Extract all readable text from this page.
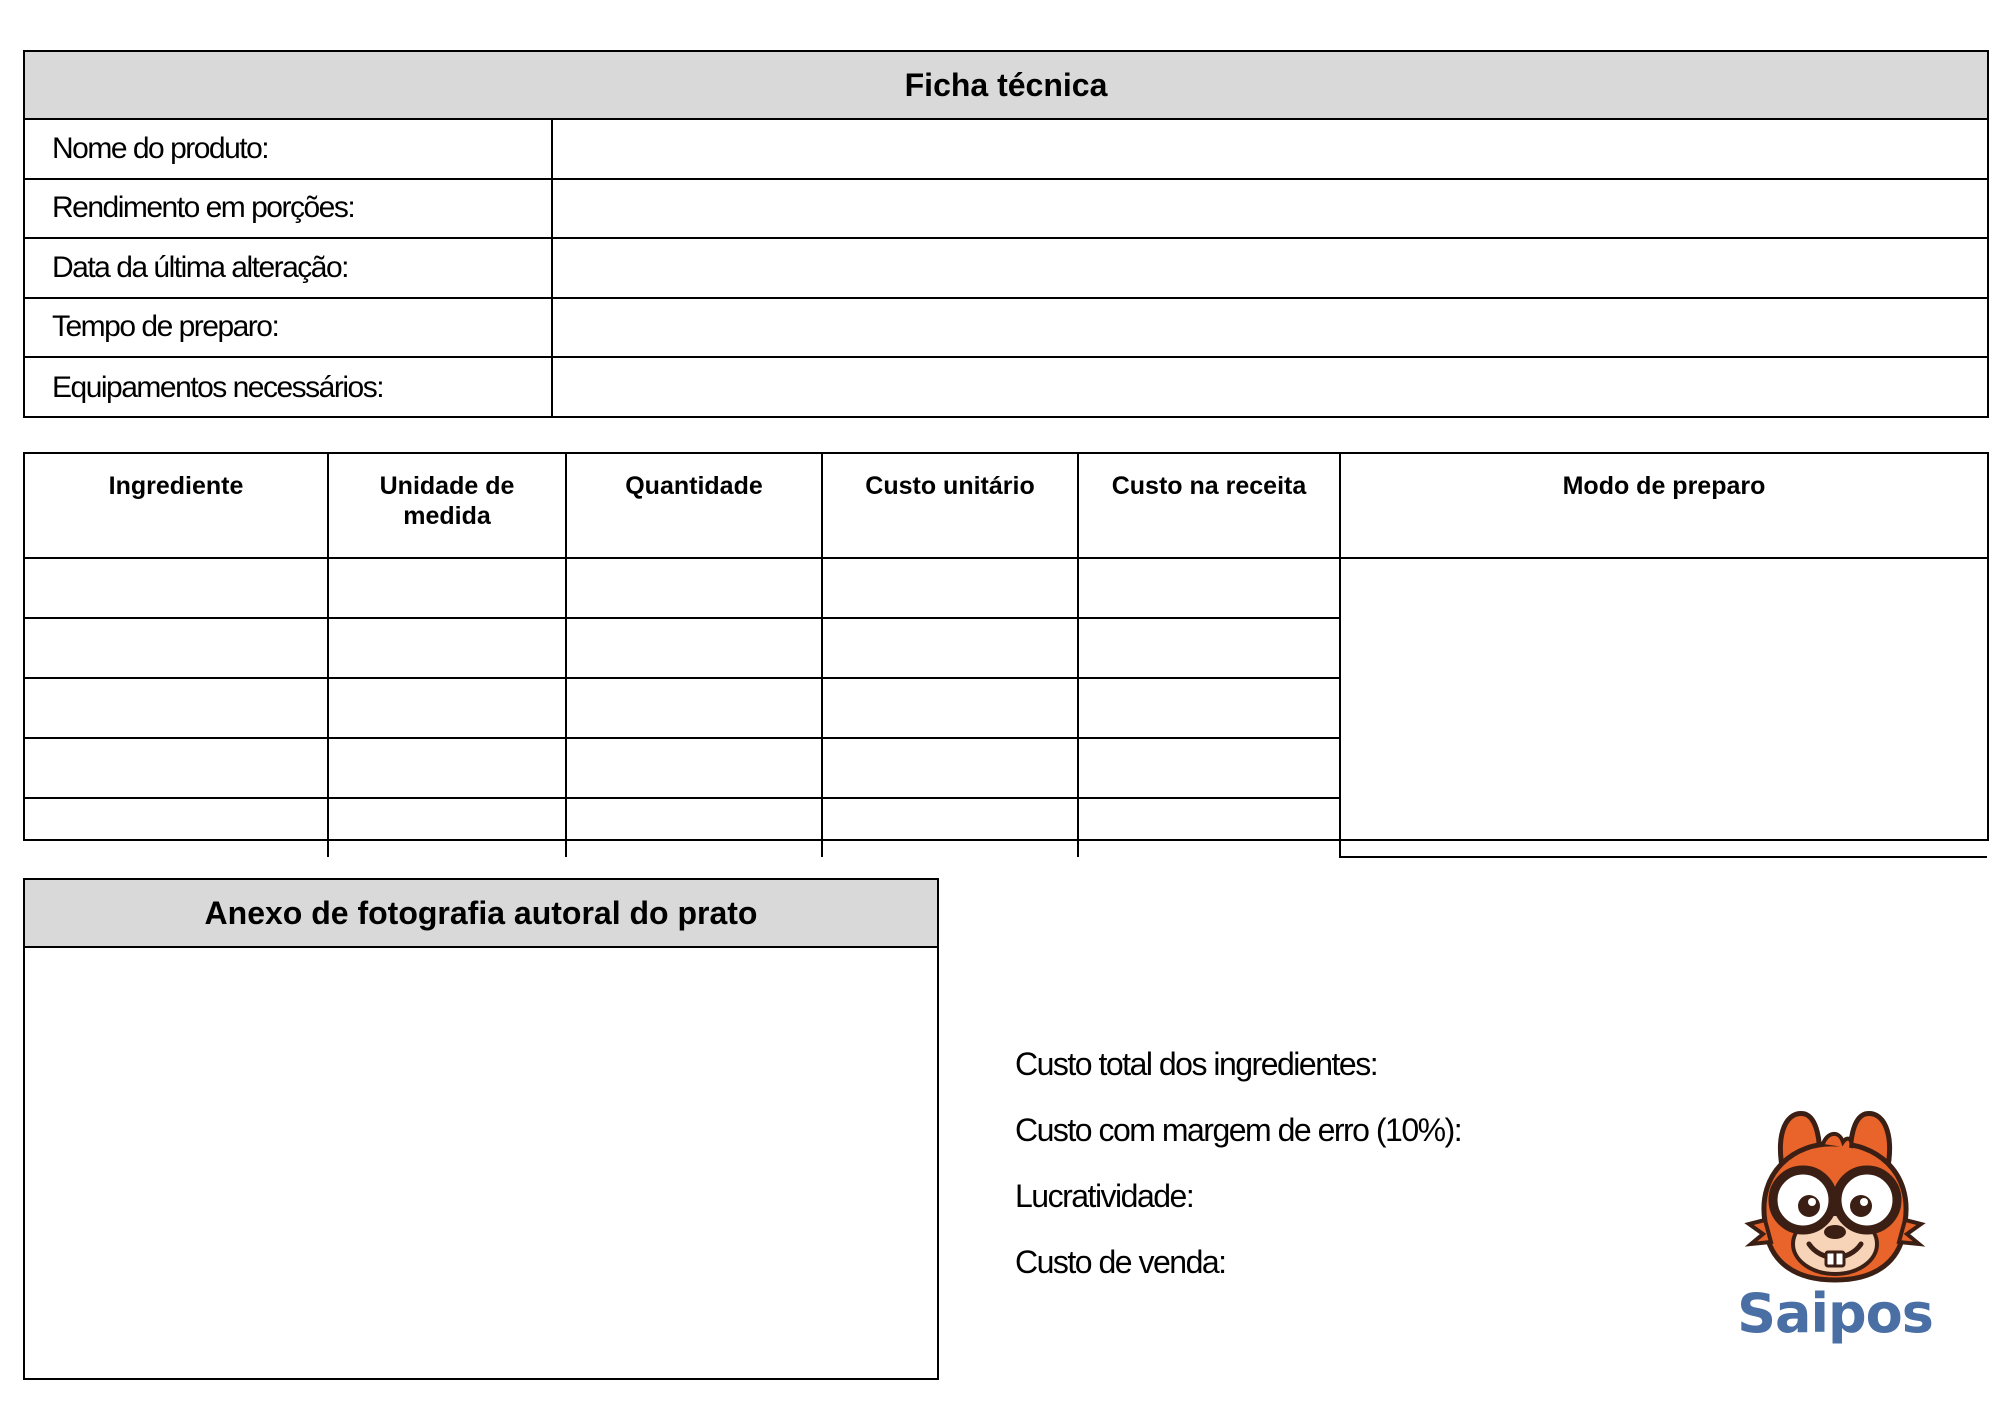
Ficha técnica
Nome do produto:
Rendimento em porções:
Data da última alteração:
Tempo de preparo:
Equipamentos necessários:
Ingrediente	Unidade de medida	Quantidade	Custo unitário	Custo na receita	Modo de preparo

Anexo de fotografia autoral do prato
Custo total dos ingredientes:
Custo com margem de erro (10%):
Lucratividade:
Custo de venda:
Saipos
